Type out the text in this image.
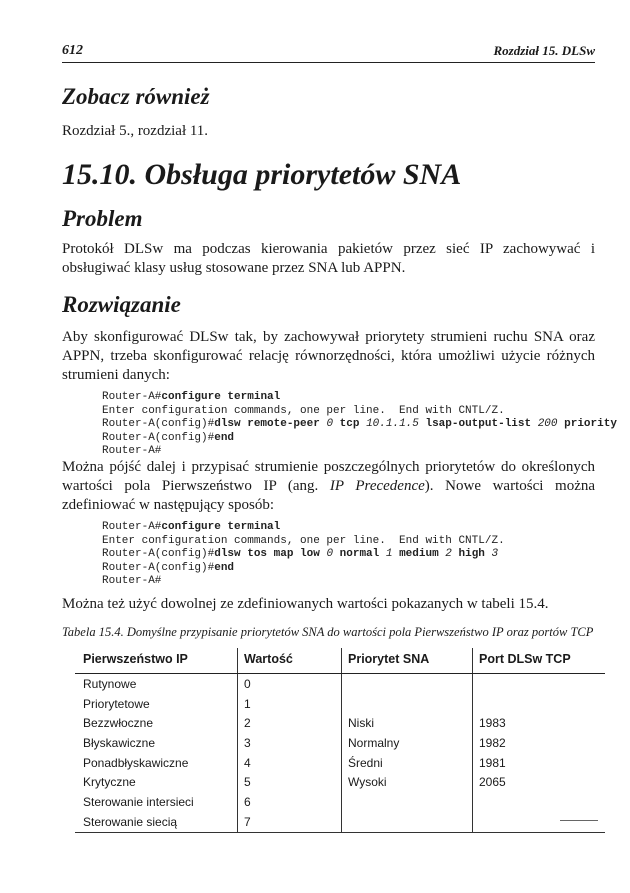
612	Rozdział 15. DLSw
Zobacz również

Rozdział 5., rozdział 11.

15.10. Obsługa priorytetów SNA
Problem

Protokół DLSw ma podczas kierowania pakietów przez sieć IP zachowywać i obsługiwać klasy usług stosowane przez SNA lub APPN.

Rozwiązanie

Aby skonfigurować DLSw tak, by zachowywał priorytety strumieni ruchu SNA oraz APPN, trzeba skonfigurować relację równorzędności, która umożliwi użycie różnych strumieni danych:

Router-A#configure terminal
Enter configuration commands, one per line.  End with CNTL/Z.
Router-A(config)#dlsw remote-peer 0 tcp 10.1.1.5 lsap-output-list 200 priority
Router-A(config)#end
Router-A#

Można pójść dalej i przypisać strumienie poszczególnych priorytetów do określonych wartości pola Pierwszeństwo IP (ang. IP Precedence). Nowe wartości można zdefiniować w następujący sposób:

Router-A#configure terminal
Enter configuration commands, one per line.  End with CNTL/Z.
Router-A(config)#dlsw tos map low 0 normal 1 medium 2 high 3
Router-A(config)#end
Router-A#

Można też użyć dowolnej ze zdefiniowanych wartości pokazanych w tabeli 15.4.

Tabela 15.4. Domyślne przypisanie priorytetów SNA do wartości pola Pierwszeństwo IP oraz portów TCP
Pierwszeństwo IP	Wartość	Priorytet SNA	Port DLSw TCP
Rutynowe	0		
Priorytetowe	1		
Bezzwłoczne	2	Niski	1983
Błyskawiczne	3	Normalny	1982
Ponadbłyskawiczne	4	Średni	1981
Krytyczne	5	Wysoki	2065
Sterowanie intersieci	6		
Sterowanie siecią	7		
